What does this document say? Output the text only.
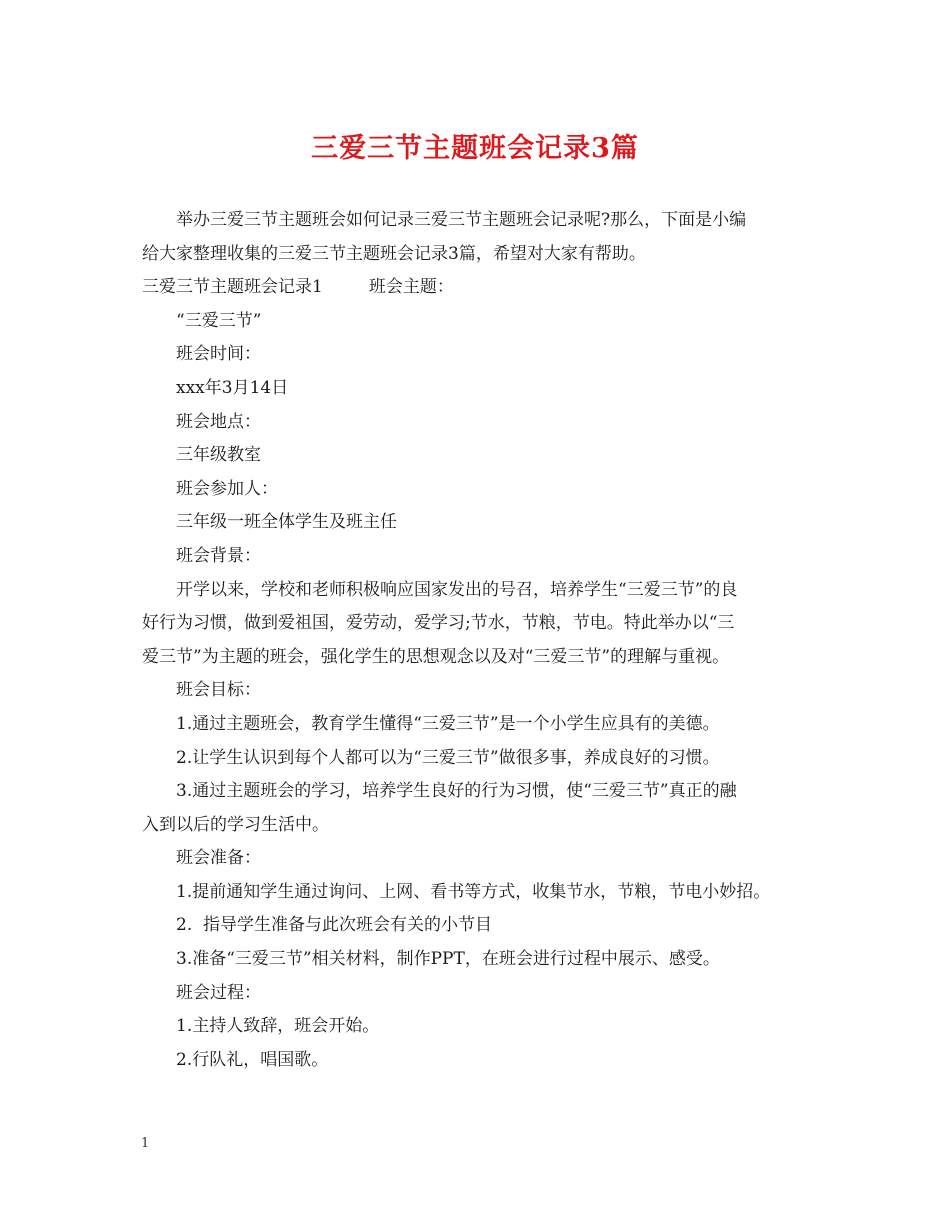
三爱三节主题班会记录3篇

举办三爱三节主题班会如何记录三爱三节主题班会记录呢?那么，下面是小编

给大家整理收集的三爱三节主题班会记录3篇，希望对大家有帮助。

三爱三节主题班会记录1	班会主题：

“三爱三节”

班会时间：

xxx年3月14日

班会地点：

三年级教室

班会参加人：

三年级一班全体学生及班主任

班会背景：

开学以来，学校和老师积极响应国家发出的号召，培养学生“三爱三节”的良

好行为习惯，做到爱祖国，爱劳动，爱学习;节水，节粮，节电。特此举办以“三

爱三节”为主题的班会，强化学生的思想观念以及对“三爱三节”的理解与重视。

班会目标：

1.通过主题班会，教育学生懂得“三爱三节”是一个小学生应具有的美德。

2.让学生认识到每个人都可以为“三爱三节”做很多事，养成良好的习惯。

3.通过主题班会的学习，培养学生良好的行为习惯，使“三爱三节”真正的融

入到以后的学习生活中。

班会准备：

1.提前通知学生通过询问、上网、看书等方式，收集节水，节粮，节电小妙招。

2.  指导学生准备与此次班会有关的小节目

3.准备“三爱三节”相关材料，制作PPT，在班会进行过程中展示、感受。

班会过程：

1.主持人致辞，班会开始。

2.行队礼，唱国歌。

1
